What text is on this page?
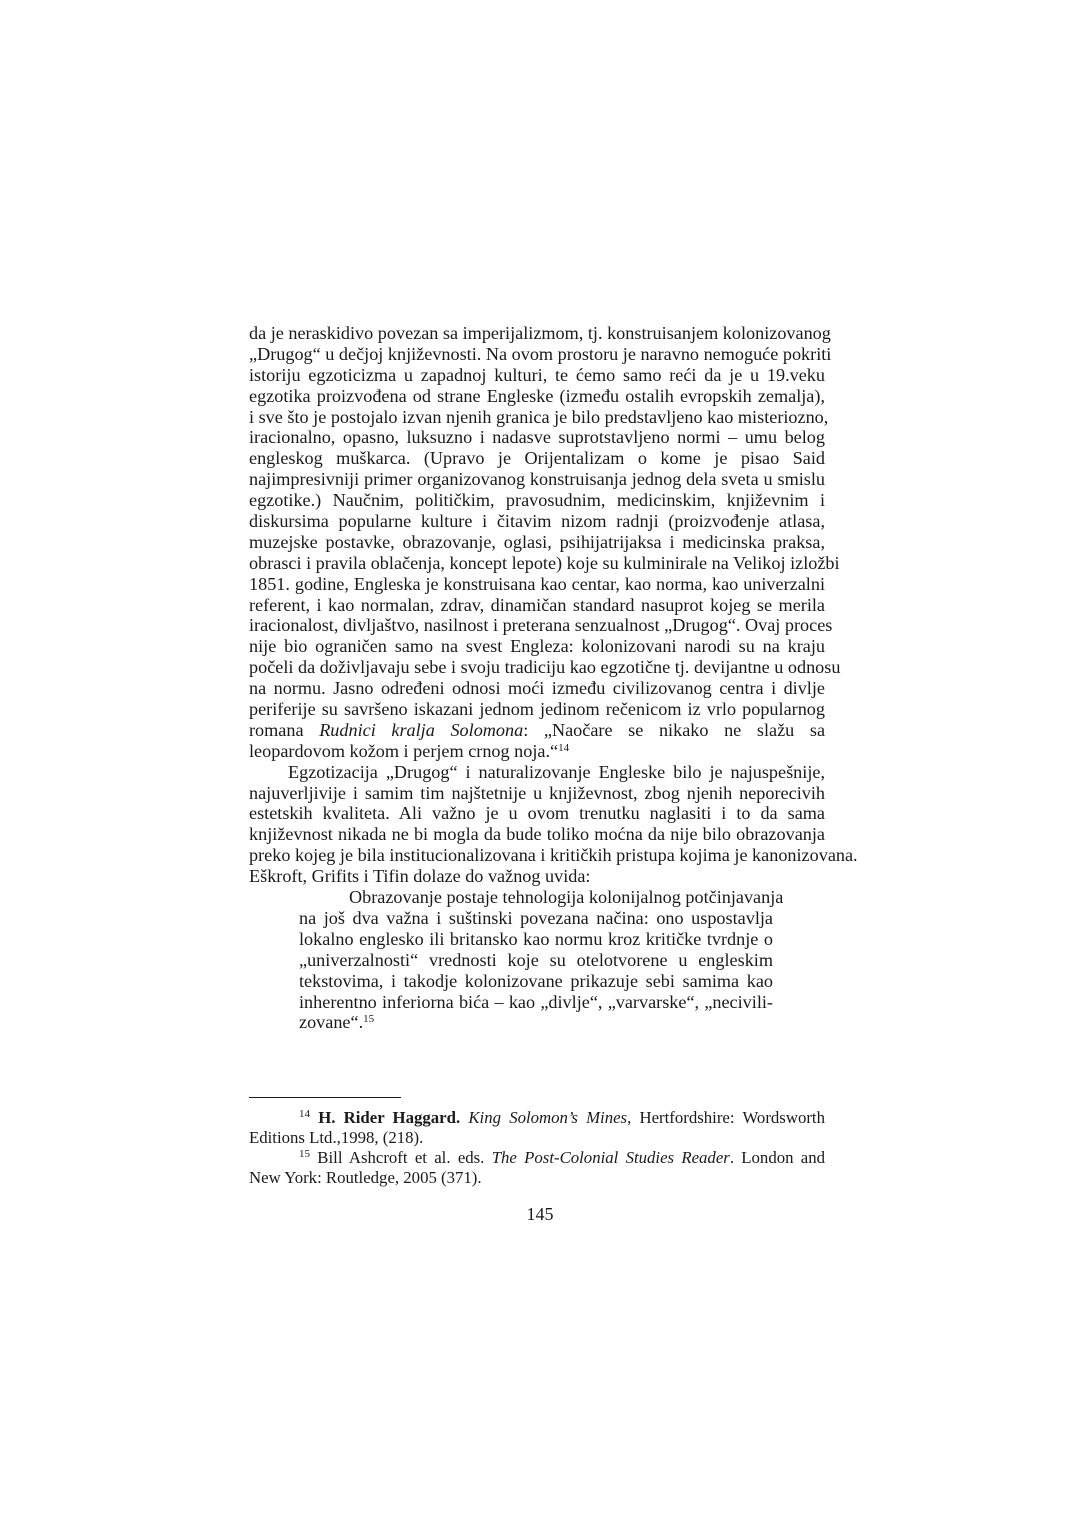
da je neraskidivo povezan sa imperijalizmom, tj. konstruisanjem kolonizovanog
„Drugog“ u dečjoj književnosti. Na ovom prostoru je naravno nemoguće pokriti
istoriju egzoticizma u zapadnoj kulturi, te ćemo samo reći da je u 19.veku
egzotika proizvođena od strane Engleske (između ostalih evropskih zemalja),
i sve što je postojalo izvan njenih granica je bilo predstavljeno kao misteriozno,
iracionalno, opasno, luksuzno i nadasve suprotstavljeno normi – umu belog
engleskog muškarca. (Upravo je Orijentalizam o kome je pisao Said
najimpresivniji primer organizovanog konstruisanja jednog dela sveta u smislu
egzotike.) Naučnim, političkim, pravosudnim, medicinskim, književnim i
diskursima popularne kulture i čitavim nizom radnji (proizvođenje atlasa,
muzejske postavke, obrazovanje, oglasi, psihijatrijaksa i medicinska praksa,
obrasci i pravila oblačenja, koncept lepote) koje su kulminirale na Velikoj izložbi
1851. godine, Engleska je konstruisana kao centar, kao norma, kao univerzalni
referent, i kao normalan, zdrav, dinamičan standard nasuprot kojeg se merila
iracionalost, divljaštvo, nasilnost i preterana senzualnost „Drugog“. Ovaj proces
nije bio ograničen samo na svest Engleza: kolonizovani narodi su na kraju
počeli da doživljavaju sebe i svoju tradiciju kao egzotične tj. devijantne u odnosu
na normu. Jasno određeni odnosi moći između civilizovanog centra i divlje
periferije su savršeno iskazani jednom jedinom rečenicom iz vrlo popularnog
romana Rudnici kralja Solomona: „Naočare se nikako ne slažu sa
leopardovom kožom i perjem crnog noja.“$^{14}$
Egzotizacija „Drugog“ i naturalizovanje Engleske bilo je najuspešnije,
najuverljivije i samim tim najštetnije u književnost, zbog njenih neporecivih
estetskih kvaliteta. Ali važno je u ovom trenutku naglasiti i to da sama
književnost nikada ne bi mogla da bude toliko moćna da nije bilo obrazovanja
preko kojeg je bila institucionalizovana i kritičkih pristupa kojima je kanonizovana.
Eškroft, Grifits i Tifin dolaze do važnog uvida:
Obrazovanje postaje tehnologija kolonijalnog potčinjavanja
na još dva važna i suštinski povezana načina: ono uspostavlja
lokalno englesko ili britansko kao normu kroz kritičke tvrdnje o
„univerzalnosti“ vrednosti koje su otelotvorene u engleskim
tekstovima, i takodje kolonizovane prikazuje sebi samima kao
inherentno inferiorna bića – kao „divlje“, „varvarske“, „necivili-
zovane“.$^{15}$
$^{14}$ H. Rider Haggard. King Solomon’s Mines, Hertfordshire: Wordsworth
Editions Ltd.,1998, (218).
$^{15}$ Bill Ashcroft et al. eds. The Post-Colonial Studies Reader. London and
New York: Routledge, 2005 (371).
145
